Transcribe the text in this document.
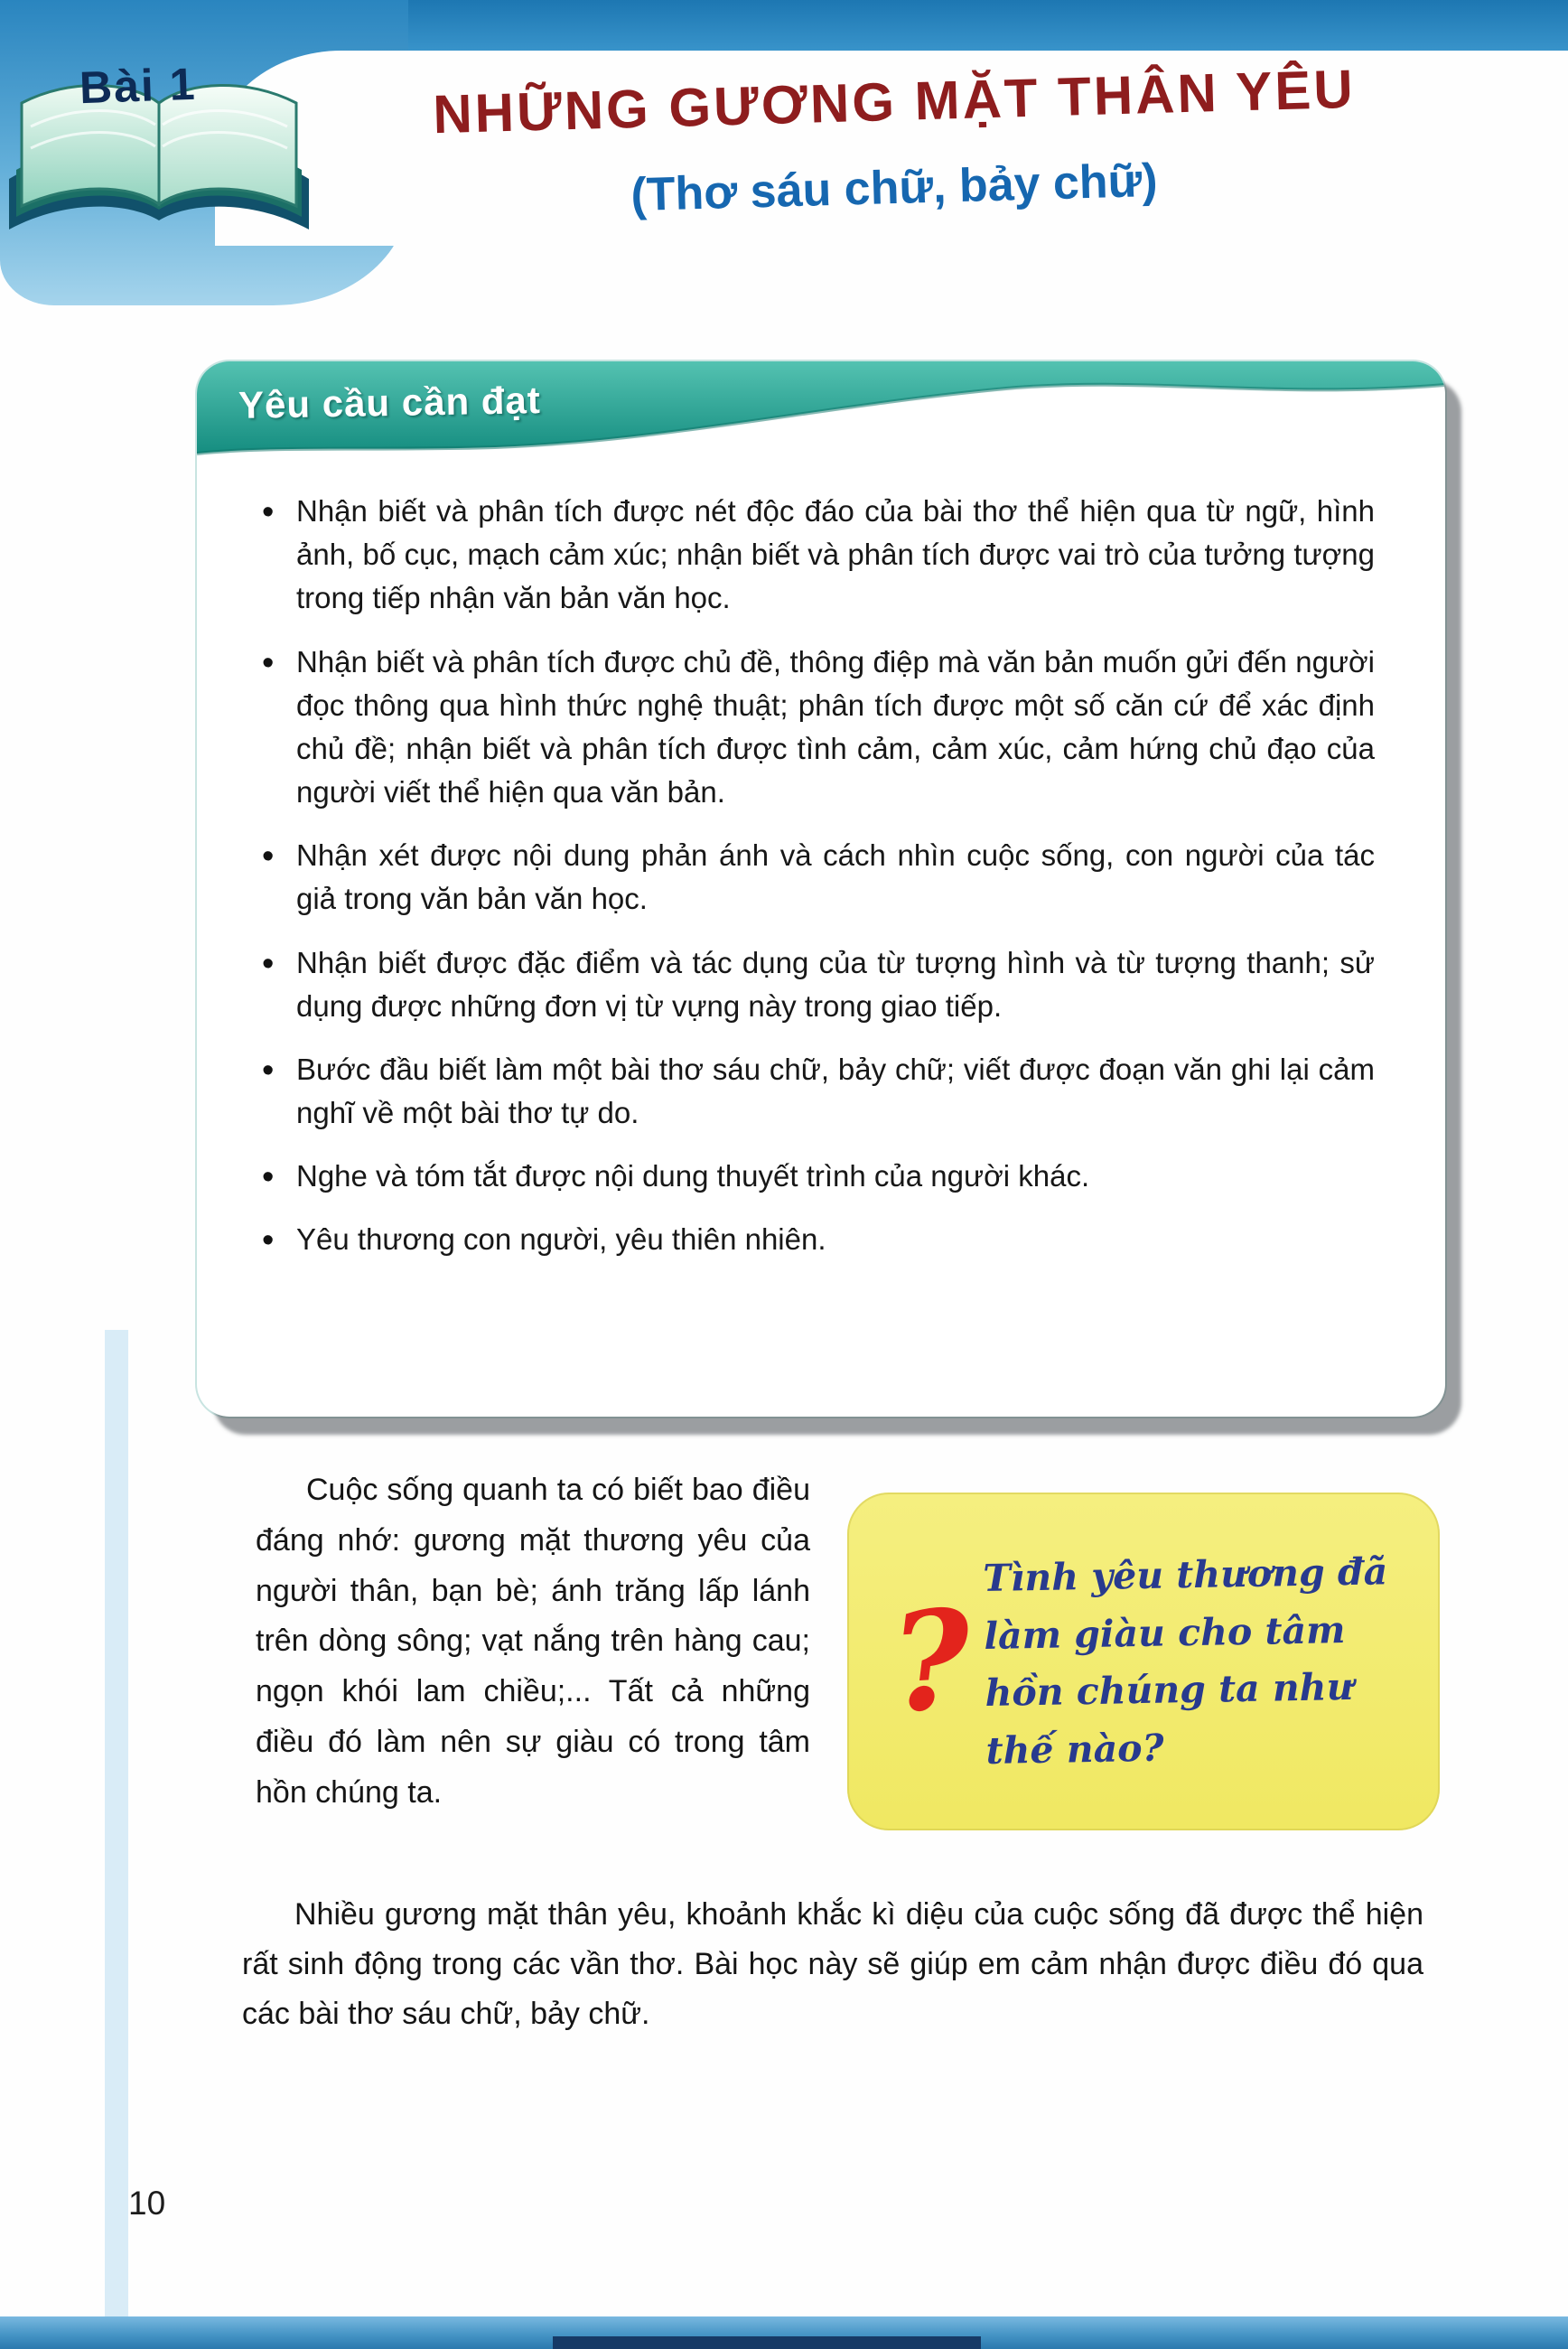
Bài 1	NHỮNG GƯƠNG MẶT THÂN YÊU
(Thơ sáu chữ, bảy chữ)
Yêu cầu cần đạt
• Nhận biết và phân tích được nét độc đáo của bài thơ thể hiện qua từ ngữ, hình ảnh, bố cục, mạch cảm xúc; nhận biết và phân tích được vai trò của tưởng tượng trong tiếp nhận văn bản văn học.
• Nhận biết và phân tích được chủ đề, thông điệp mà văn bản muốn gửi đến người đọc thông qua hình thức nghệ thuật; phân tích được một số căn cứ để xác định chủ đề; nhận biết và phân tích được tình cảm, cảm xúc, cảm hứng chủ đạo của người viết thể hiện qua văn bản.
• Nhận xét được nội dung phản ánh và cách nhìn cuộc sống, con người của tác giả trong văn bản văn học.
• Nhận biết được đặc điểm và tác dụng của từ tượng hình và từ tượng thanh; sử dụng được những đơn vị từ vựng này trong giao tiếp.
• Bước đầu biết làm một bài thơ sáu chữ, bảy chữ; viết được đoạn văn ghi lại cảm nghĩ về một bài thơ tự do.
• Nghe và tóm tắt được nội dung thuyết trình của người khác.
• Yêu thương con người, yêu thiên nhiên.
Cuộc sống quanh ta có biết bao điều đáng nhớ: gương mặt thương yêu của người thân, bạn bè; ánh trăng lấp lánh trên dòng sông; vạt nắng trên hàng cau; ngọn khói lam chiều;... Tất cả những điều đó làm nên sự giàu có trong tâm hồn chúng ta.
?
Tình yêu thương đã làm giàu cho tâm hồn chúng ta như thế nào?
Nhiều gương mặt thân yêu, khoảnh khắc kì diệu của cuộc sống đã được thể hiện rất sinh động trong các vần thơ. Bài học này sẽ giúp em cảm nhận được điều đó qua các bài thơ sáu chữ, bảy chữ.
10
